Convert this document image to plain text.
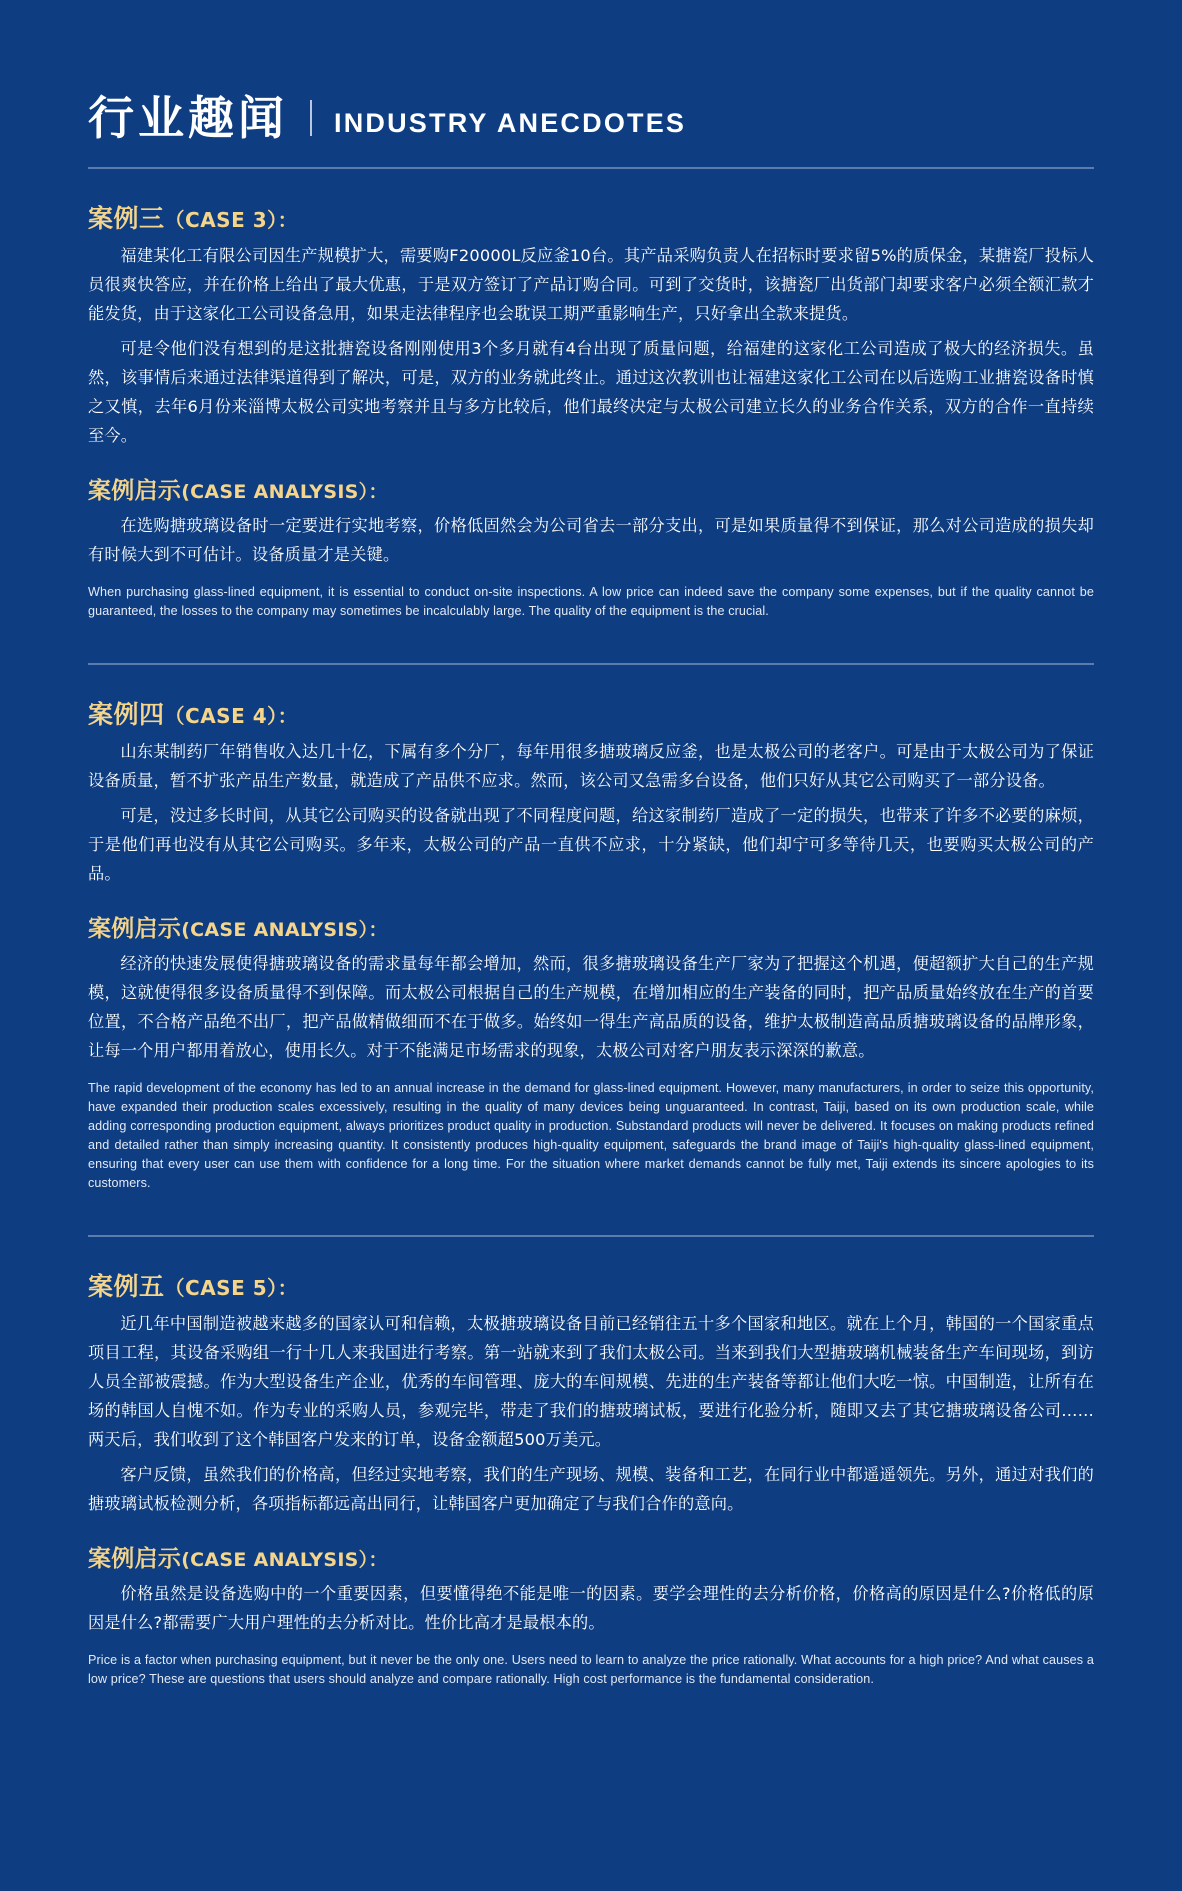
行业趣闻 INDUSTRY ANECDOTES
案例三（CASE 3）：

福建某化工有限公司因生产规模扩大，需要购F20000L反应釜10台。其产品采购负责人在招标时要求留5%的质保金，某搪瓷厂投标人员很爽快答应，并在价格上给出了最大优惠，于是双方签订了产品订购合同。可到了交货时，该搪瓷厂出货部门却要求客户必须全额汇款才能发货，由于这家化工公司设备急用，如果走法律程序也会耽误工期严重影响生产，只好拿出全款来提货。

可是令他们没有想到的是这批搪瓷设备刚刚使用3个多月就有4台出现了质量问题，给福建的这家化工公司造成了极大的经济损失。虽然，该事情后来通过法律渠道得到了解决，可是，双方的业务就此终止。通过这次教训也让福建这家化工公司在以后选购工业搪瓷设备时慎之又慎，去年6月份来淄博太极公司实地考察并且与多方比较后，他们最终决定与太极公司建立长久的业务合作关系，双方的合作一直持续至今。

案例启示(CASE ANALYSIS）：

在选购搪玻璃设备时一定要进行实地考察，价格低固然会为公司省去一部分支出，可是如果质量得不到保证，那么对公司造成的损失却有时候大到不可估计。设备质量才是关键。

When purchasing glass-lined equipment, it is essential to conduct on-site inspections. A low price can indeed save the company some expenses, but if the quality cannot be guaranteed, the losses to the company may sometimes be incalculably large. The quality of the equipment is the crucial.

案例四（CASE 4）：

山东某制药厂年销售收入达几十亿，下属有多个分厂，每年用很多搪玻璃反应釜，也是太极公司的老客户。可是由于太极公司为了保证设备质量，暂不扩张产品生产数量，就造成了产品供不应求。然而，该公司又急需多台设备，他们只好从其它公司购买了一部分设备。

可是，没过多长时间，从其它公司购买的设备就出现了不同程度问题，给这家制药厂造成了一定的损失，也带来了许多不必要的麻烦，于是他们再也没有从其它公司购买。多年来，太极公司的产品一直供不应求，十分紧缺，他们却宁可多等待几天，也要购买太极公司的产品。

案例启示(CASE ANALYSIS）：

经济的快速发展使得搪玻璃设备的需求量每年都会增加，然而，很多搪玻璃设备生产厂家为了把握这个机遇，便超额扩大自己的生产规模，这就使得很多设备质量得不到保障。而太极公司根据自己的生产规模，在增加相应的生产装备的同时，把产品质量始终放在生产的首要位置，不合格产品绝不出厂，把产品做精做细而不在于做多。始终如一得生产高品质的设备，维护太极制造高品质搪玻璃设备的品牌形象，让每一个用户都用着放心，使用长久。对于不能满足市场需求的现象，太极公司对客户朋友表示深深的歉意。

The rapid development of the economy has led to an annual increase in the demand for glass-lined equipment. However, many manufacturers, in order to seize this opportunity, have expanded their production scales excessively, resulting in the quality of many devices being unguaranteed. In contrast, Taiji, based on its own production scale, while adding corresponding production equipment, always prioritizes product quality in production. Substandard products will never be delivered. It focuses on making products refined and detailed rather than simply increasing quantity. It consistently produces high-quality equipment, safeguards the brand image of Taiji's high-quality glass-lined equipment, ensuring that every user can use them with confidence for a long time. For the situation where market demands cannot be fully met, Taiji extends its sincere apologies to its customers.

案例五（CASE 5）：

近几年中国制造被越来越多的国家认可和信赖，太极搪玻璃设备目前已经销往五十多个国家和地区。就在上个月，韩国的一个国家重点项目工程，其设备采购组一行十几人来我国进行考察。第一站就来到了我们太极公司。当来到我们大型搪玻璃机械装备生产车间现场，到访人员全部被震撼。作为大型设备生产企业，优秀的车间管理、庞大的车间规模、先进的生产装备等都让他们大吃一惊。中国制造，让所有在场的韩国人自愧不如。作为专业的采购人员，参观完毕，带走了我们的搪玻璃试板，要进行化验分析，随即又去了其它搪玻璃设备公司……两天后，我们收到了这个韩国客户发来的订单，设备金额超500万美元。

客户反馈，虽然我们的价格高，但经过实地考察，我们的生产现场、规模、装备和工艺，在同行业中都遥遥领先。另外，通过对我们的搪玻璃试板检测分析，各项指标都远高出同行，让韩国客户更加确定了与我们合作的意向。

案例启示(CASE ANALYSIS）：

价格虽然是设备选购中的一个重要因素，但要懂得绝不能是唯一的因素。要学会理性的去分析价格，价格高的原因是什么?价格低的原因是什么?都需要广大用户理性的去分析对比。性价比高才是最根本的。

Price is a factor when purchasing equipment, but it never be the only one. Users need to learn to analyze the price rationally. What accounts for a high price? And what causes a low price? These are questions that users should analyze and compare rationally. High cost performance is the fundamental consideration.
